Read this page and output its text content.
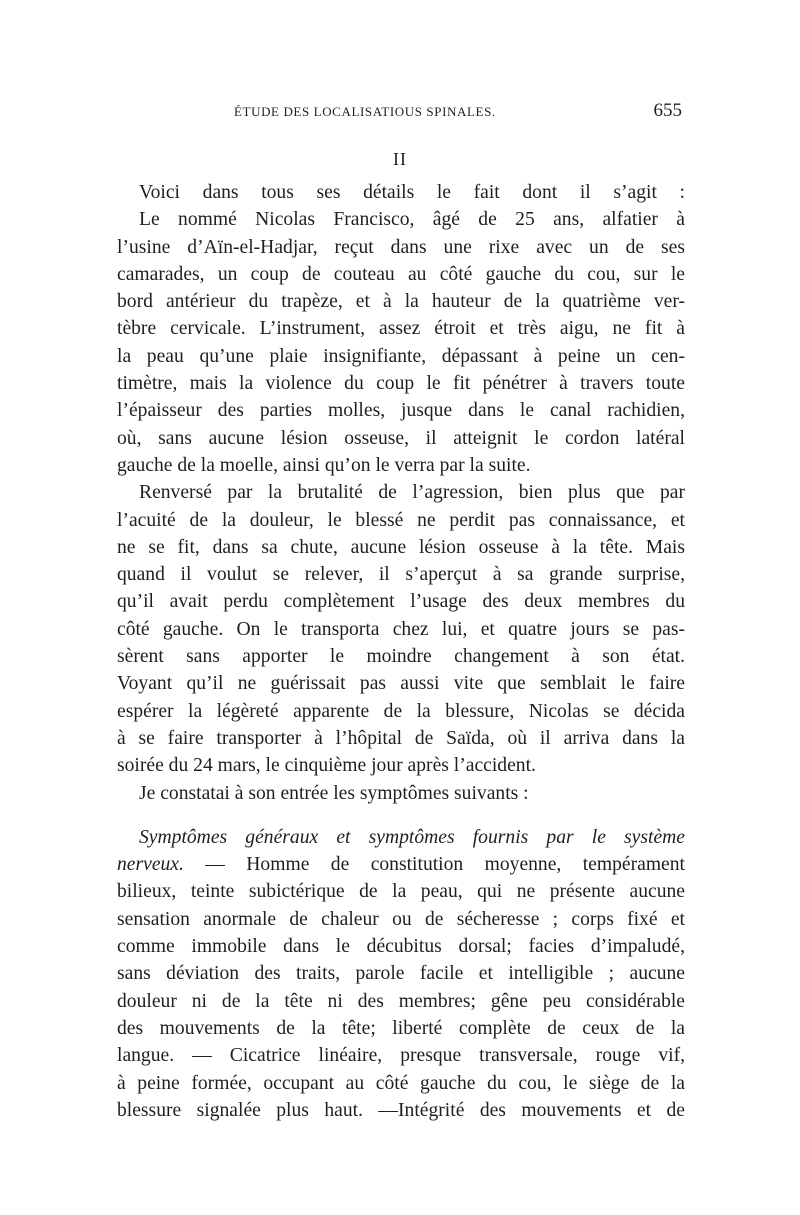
ÉTUDE DES LOCALISATIOUS SPINALES.	655
II
Voici dans tous ses détails le fait dont il s’agit :
Le nommé Nicolas Francisco, âgé de 25 ans, alfatier à
l’usine d’Aïn-el-Hadjar, reçut dans une rixe avec un de ses
camarades, un coup de couteau au côté gauche du cou, sur le
bord antérieur du trapèze, et à la hauteur de la quatrième ver-
tèbre cervicale. L’instrument, assez étroit et très aigu, ne fit à
la peau qu’une plaie insignifiante, dépassant à peine un cen-
timètre, mais la violence du coup le fit pénétrer à travers toute
l’épaisseur des parties molles, jusque dans le canal rachidien,
où, sans aucune lésion osseuse, il atteignit le cordon latéral
gauche de la moelle, ainsi qu’on le verra par la suite.
Renversé par la brutalité de l’agression, bien plus que par
l’acuité de la douleur, le blessé ne perdit pas connaissance, et
ne se fit, dans sa chute, aucune lésion osseuse à la tête. Mais
quand il voulut se relever, il s’aperçut à sa grande surprise,
qu’il avait perdu complètement l’usage des deux membres du
côté gauche. On le transporta chez lui, et quatre jours se pas-
sèrent sans apporter le moindre changement à son état.
Voyant qu’il ne guérissait pas aussi vite que semblait le faire
espérer la légèreté apparente de la blessure, Nicolas se décida
à se faire transporter à l’hôpital de Saïda, où il arriva dans la
soirée du 24 mars, le cinquième jour après l’accident.
Je constatai à son entrée les symptômes suivants :
Symptômes généraux et symptômes fournis par le système
nerveux. — Homme de constitution moyenne, tempérament
bilieux, teinte subictérique de la peau, qui ne présente aucune
sensation anormale de chaleur ou de sécheresse ; corps fixé et
comme immobile dans le décubitus dorsal; facies d’impaludé,
sans déviation des traits, parole facile et intelligible ; aucune
douleur ni de la tête ni des membres; gêne peu considérable
des mouvements de la tête; liberté complète de ceux de la
langue. — Cicatrice linéaire, presque transversale, rouge vif,
à peine formée, occupant au côté gauche du cou, le siège de la
blessure signalée plus haut. —Intégrité des mouvements et de
